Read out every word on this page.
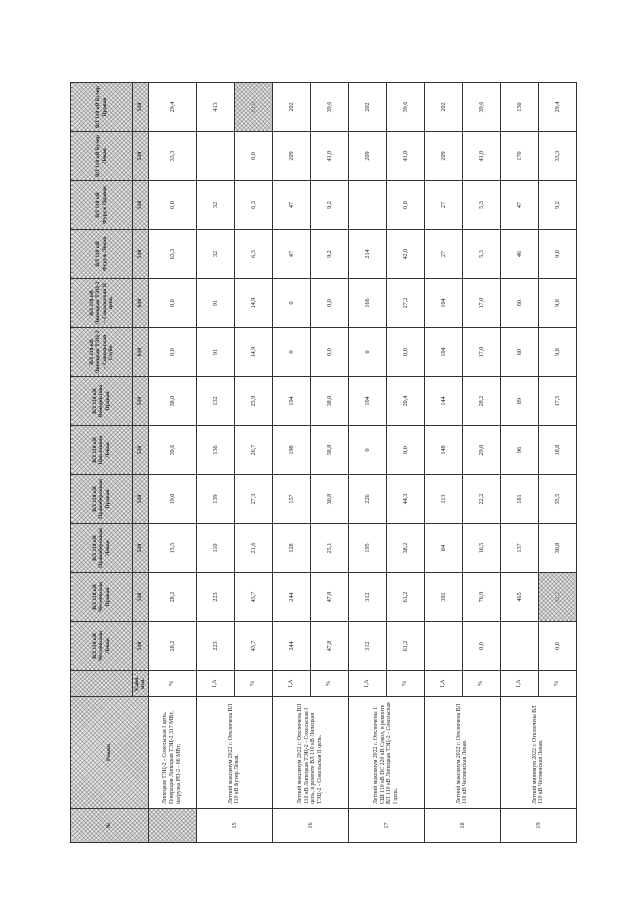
№	Режим		ВЛ 110 кВ Чесменская Левая	ВЛ 110 кВ Чесменская Правая	ВЛ 110 кВ Правобережная Левая	ВЛ 110 кВ Правобережная Правая	ВЛ 110 кВ Циклонная Левая	ВЛ 110 кВ Венедиктово Правая	ВЛ 110 кВ Липецкая ТЭЦ-2 – Сокольская Глубо-	ВЛ 110 кВ Липецкая ТЭЦ-2 – Сокольская II цепь	ВЛ 110 кВ Фуруж Левая	ВЛ 110 кВ Фуруж Правая	ВЛ 110 кВ Буэнр Левая	ВЛ 110 кВ Буэнр Правая
		Един. изм.	510	510	510	510	510	510	610	610	510	510	510	510
	Липецкая ТЭЦ-2 - Сокольская I цепь. Генерация Липецкая ТЭЦ-2 317 МВт, нагрузка РП-2 - 66 МВт;	%	28,2	28,2	15,5	19,0	39,6	38,0	0,0	0,0	63,3	0,0	33,3	29,4
15	Летний максимум 2022 г. Отключена ВЛ 110 кВ Буэнр Левая.	I,A	223	223	110	139	136	132	91	91	32	32		413
		%	43,7	43,7	21,6	27,3	26,7	25,9	14,9	14,9	6,3	6,3	0,0	81,0
16	Летний максимум 2022 г. Отключена ВЛ 110 кВ Липецкая ТЭЦ-2 - Сокольская I цепь, в ремонте ВЛ 110 кВ Липецкая ТЭЦ-2 - Сокольская II цепь.	I,A	244	244	128	157	198	194	0	0	47	47	209	202
		%	47,8	47,8	25,1	30,8	38,8	38,0	0,0	0,0	9,2	9,2	41,0	39,6
17	Летний максимум 2022 г. Отключены 1 СШ 110 кВ ПС 220 кВ Сокол, в ремонте ВЛ 110 кВ Липецкая ТЭЦ-2 - Сокольская I цепь.	I,A	312	312	195	226	0	104	0	166	214		209	202
		%	61,2	61,2	38,2	44,3	0,0	20,4	0,0	27,2	42,0	0,0	41,0	39,6
18	Летний максимум 2022 г. Отключена ВЛ 110 кВ Чесменская Левая.	I,A		392	84	113	148	144	104	104	27	27	209	202
		%	0,0	76,9	16,5	22,2	29,0	28,2	17,0	17,0	5,3	5,3	41,0	39,6
19	Летний минимум 2022 г. Отключена ВЛ 110 кВ Чесменская Левая.	I,A		465	137	181	96	89	60	60	46	47	170	150
		%	0,0	91,2	30,8	35,5	18,8	17,5	9,8	9,8	9,0	9,2	33,3	29,4
